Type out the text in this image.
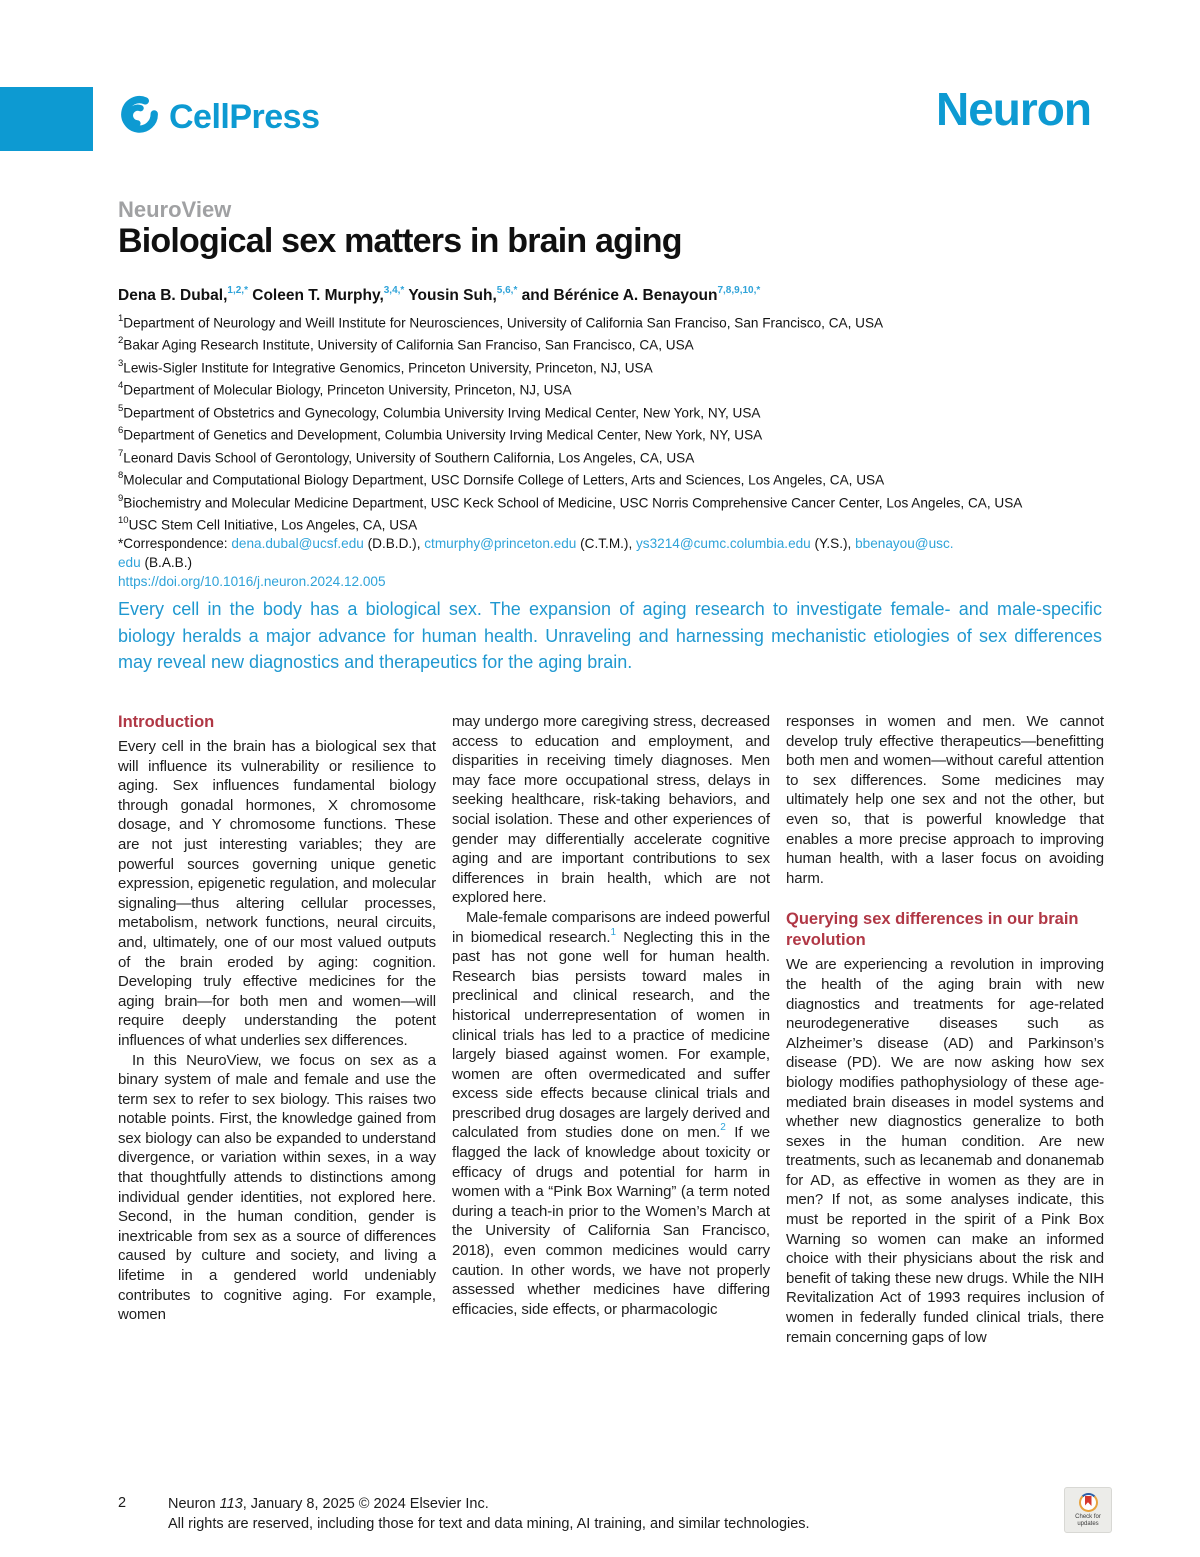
CellPress	Neuron
NeuroView
Biological sex matters in brain aging
Dena B. Dubal,$^{1,2,*}$ Coleen T. Murphy,$^{3,4,*}$ Yousin Suh,$^{5,6,*}$ and Bérénice A. Benayoun$^{7,8,9,10,*}$
$^1$Department of Neurology and Weill Institute for Neurosciences, University of California San Franciso, San Francisco, CA, USA
$^2$Bakar Aging Research Institute, University of California San Franciso, San Francisco, CA, USA
$^3$Lewis-Sigler Institute for Integrative Genomics, Princeton University, Princeton, NJ, USA
$^4$Department of Molecular Biology, Princeton University, Princeton, NJ, USA
$^5$Department of Obstetrics and Gynecology, Columbia University Irving Medical Center, New York, NY, USA
$^6$Department of Genetics and Development, Columbia University Irving Medical Center, New York, NY, USA
$^7$Leonard Davis School of Gerontology, University of Southern California, Los Angeles, CA, USA
$^8$Molecular and Computational Biology Department, USC Dornsife College of Letters, Arts and Sciences, Los Angeles, CA, USA
$^9$Biochemistry and Molecular Medicine Department, USC Keck School of Medicine, USC Norris Comprehensive Cancer Center, Los Angeles, CA, USA
$^{10}$USC Stem Cell Initiative, Los Angeles, CA, USA
*Correspondence: dena.dubal@ucsf.edu (D.B.D.), ctmurphy@princeton.edu (C.T.M.), ys3214@cumc.columbia.edu (Y.S.), bbenayou@usc.
edu (B.A.B.)
https://doi.org/10.1016/j.neuron.2024.12.005
Every cell in the body has a biological sex. The expansion of aging research to investigate female- and male-specific biology heralds a major advance for human health. Unraveling and harnessing mechanistic etiologies of sex differences may reveal new diagnostics and therapeutics for the aging brain.
Introduction

Every cell in the brain has a biological sex that will influence its vulnerability or resilience to aging. Sex influences fundamental biology through gonadal hormones, X chromosome dosage, and Y chromosome functions. These are not just interesting variables; they are powerful sources governing unique genetic expression, epigenetic regulation, and molecular signaling—thus altering cellular processes, metabolism, network functions, neural circuits, and, ultimately, one of our most valued outputs of the brain eroded by aging: cognition. Developing truly effective medicines for the aging brain—for both men and women—will require deeply understanding the potent influences of what underlies sex differences.

In this NeuroView, we focus on sex as a binary system of male and female and use the term sex to refer to sex biology. This raises two notable points. First, the knowledge gained from sex biology can also be expanded to understand divergence, or variation within sexes, in a way that thoughtfully attends to distinctions among individual gender identities, not explored here. Second, in the human condition, gender is inextricable from sex as a source of differences caused by culture and society, and living a lifetime in a gendered world undeniably contributes to cognitive aging. For example, women

may undergo more caregiving stress, decreased access to education and employment, and disparities in receiving timely diagnoses. Men may face more occupational stress, delays in seeking healthcare, risk-taking behaviors, and social isolation. These and other experiences of gender may differentially accelerate cognitive aging and are important contributions to sex differences in brain health, which are not explored here.

Male-female comparisons are indeed powerful in biomedical research.$^1$ Neglecting this in the past has not gone well for human health. Research bias persists toward males in preclinical and clinical research, and the historical underrepresentation of women in clinical trials has led to a practice of medicine largely biased against women. For example, women are often overmedicated and suffer excess side effects because clinical trials and prescribed drug dosages are largely derived and calculated from studies done on men.$^2$ If we flagged the lack of knowledge about toxicity or efficacy of drugs and potential for harm in women with a “Pink Box Warning” (a term noted during a teach-in prior to the Women’s March at the University of California San Francisco, 2018), even common medicines would carry caution. In other words, we have not properly assessed whether medicines have differing efficacies, side effects, or pharmacologic

responses in women and men. We cannot develop truly effective therapeutics—benefitting both men and women—without careful attention to sex differences. Some medicines may ultimately help one sex and not the other, but even so, that is powerful knowledge that enables a more precise approach to improving human health, with a laser focus on avoiding harm.

Querying sex differences in our brain revolution

We are experiencing a revolution in improving the health of the aging brain with new diagnostics and treatments for age-related neurodegenerative diseases such as Alzheimer’s disease (AD) and Parkinson’s disease (PD). We are now asking how sex biology modifies pathophysiology of these age-mediated brain diseases in model systems and whether new diagnostics generalize to both sexes in the human condition. Are new treatments, such as lecanemab and donanemab for AD, as effective in women as they are in men? If not, as some analyses indicate, this must be reported in the spirit of a Pink Box Warning so women can make an informed choice with their physicians about the risk and benefit of taking these new drugs. While the NIH Revitalization Act of 1993 requires inclusion of women in federally funded clinical trials, there remain concerning gaps of low

2	Neuron 113, January 8, 2025 © 2024 Elsevier Inc.
All rights are reserved, including those for text and data mining, AI training, and similar technologies.	Check for updates
